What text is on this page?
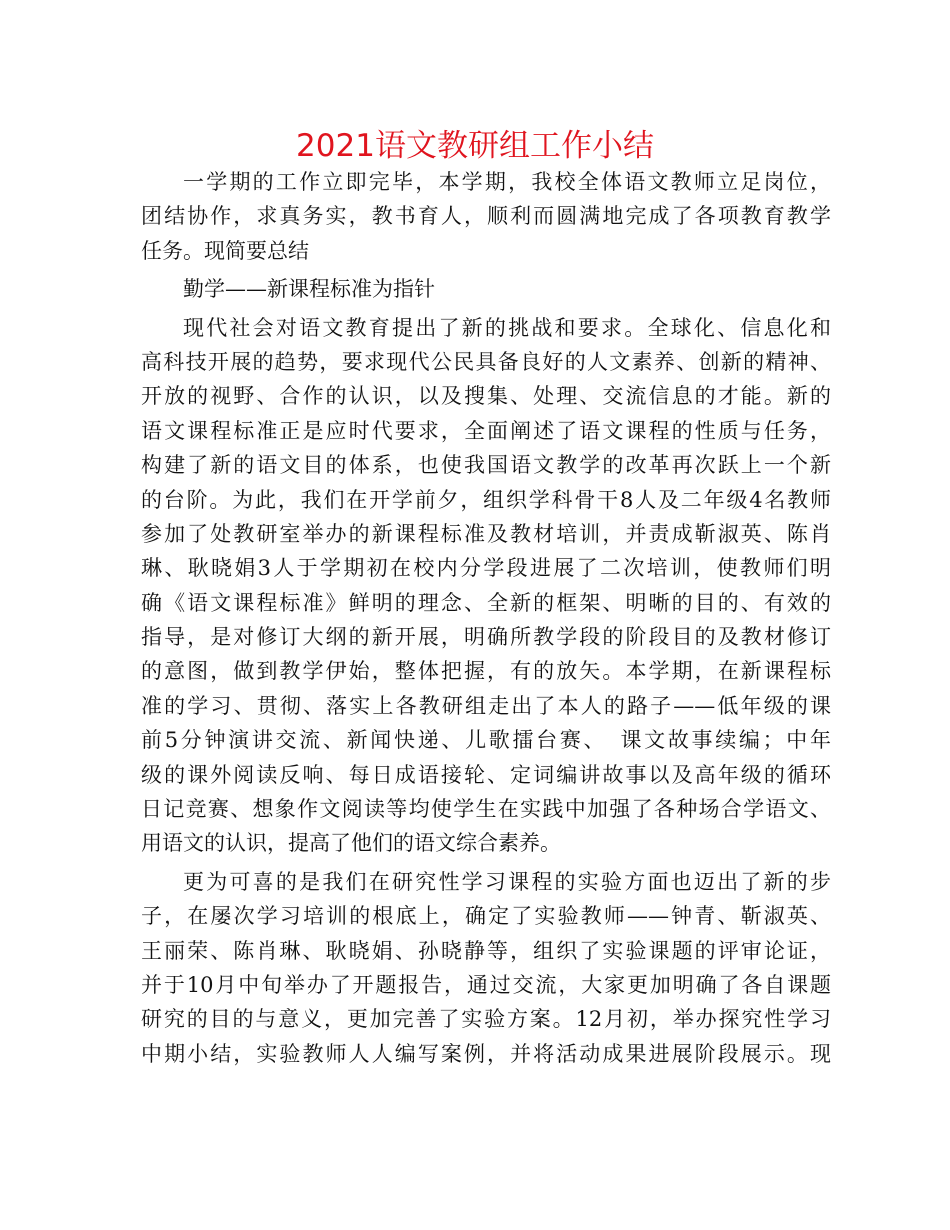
2021语文教研组工作小结
一学期的工作立即完毕，本学期，我校全体语文教师立足岗位，
团结协作，求真务实，教书育人，顺利而圆满地完成了各项教育教学
任务。现简要总结
勤学——新课程标准为指针
现代社会对语文教育提出了新的挑战和要求。全球化、信息化和
高科技开展的趋势，要求现代公民具备良好的人文素养、创新的精神、
开放的视野、合作的认识，以及搜集、处理、交流信息的才能。新的
语文课程标准正是应时代要求，全面阐述了语文课程的性质与任务，
构建了新的语文目的体系，也使我国语文教学的改革再次跃上一个新
的台阶。为此，我们在开学前夕，组织学科骨干8人及二年级4名教师
参加了处教研室举办的新课程标准及教材培训，并责成靳淑英、陈肖
琳、耿晓娟3人于学期初在校内分学段进展了二次培训，使教师们明
确《语文课程标准》鲜明的理念、全新的框架、明晰的目的、有效的
指导，是对修订大纲的新开展，明确所教学段的阶段目的及教材修订
的意图，做到教学伊始，整体把握，有的放矢。本学期，在新课程标
准的学习、贯彻、落实上各教研组走出了本人的路子——低年级的课
前5分钟演讲交流、新闻快递、儿歌擂台赛、　课文故事续编；中年
级的课外阅读反响、每日成语接轮、定词编讲故事以及高年级的循环
日记竞赛、想象作文阅读等均使学生在实践中加强了各种场合学语文、
用语文的认识，提高了他们的语文综合素养。
更为可喜的是我们在研究性学习课程的实验方面也迈出了新的步
子，在屡次学习培训的根底上，确定了实验教师——钟青、靳淑英、
王丽荣、陈肖琳、耿晓娟、孙晓静等，组织了实验课题的评审论证，
并于10月中旬举办了开题报告，通过交流，大家更加明确了各自课题
研究的目的与意义，更加完善了实验方案。12月初，举办探究性学习
中期小结，实验教师人人编写案例，并将活动成果进展阶段展示。现
